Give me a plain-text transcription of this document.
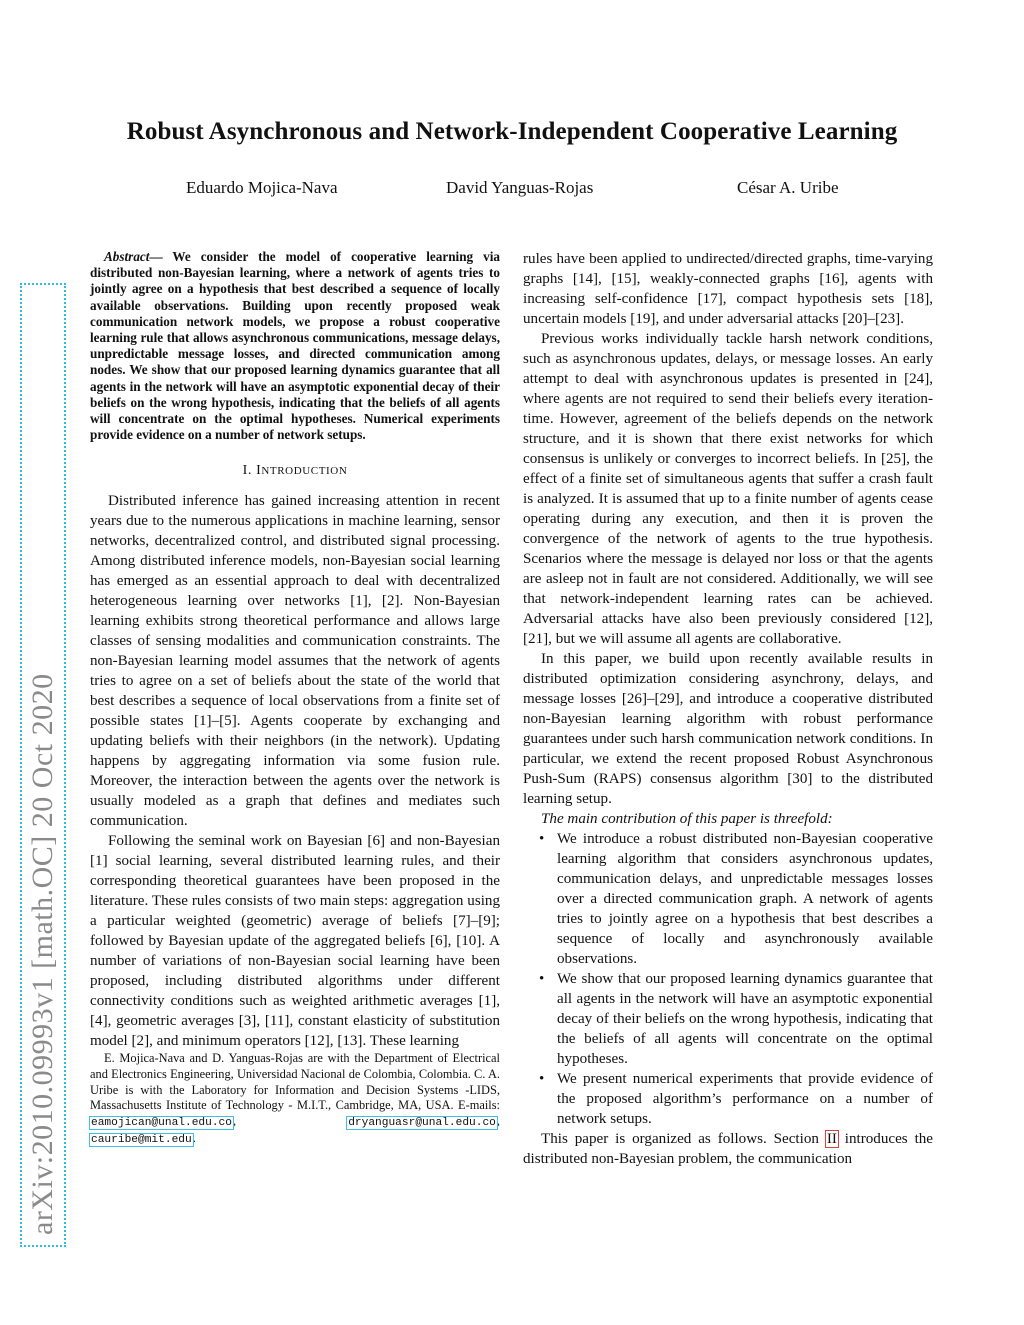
arXiv:2010.09993v1 [math.OC] 20 Oct 2020
Robust Asynchronous and Network-Independent Cooperative Learning
Eduardo Mojica-Nava	David Yanguas-Rojas	César A. Uribe

Abstract— We consider the model of cooperative learning via distributed non-Bayesian learning, where a network of agents tries to jointly agree on a hypothesis that best described a sequence of locally available observations. Building upon recently proposed weak communication network models, we propose a robust cooperative learning rule that allows asynchronous communications, message delays, unpredictable message losses, and directed communication among nodes. We show that our proposed learning dynamics guarantee that all agents in the network will have an asymptotic exponential decay of their beliefs on the wrong hypothesis, indicating that the beliefs of all agents will concentrate on the optimal hypotheses. Numerical experiments provide evidence on a number of network setups.

I. INTRODUCTION

Distributed inference has gained increasing attention in recent years due to the numerous applications in machine learning, sensor networks, decentralized control, and distributed signal processing. Among distributed inference models, non-Bayesian social learning has emerged as an essential approach to deal with decentralized heterogeneous learning over networks [1], [2]. Non-Bayesian learning exhibits strong theoretical performance and allows large classes of sensing modalities and communication constraints. The non-Bayesian learning model assumes that the network of agents tries to agree on a set of beliefs about the state of the world that best describes a sequence of local observations from a finite set of possible states [1]–[5]. Agents cooperate by exchanging and updating beliefs with their neighbors (in the network). Updating happens by aggregating information via some fusion rule. Moreover, the interaction between the agents over the network is usually modeled as a graph that defines and mediates such communication.

Following the seminal work on Bayesian [6] and non-Bayesian [1] social learning, several distributed learning rules, and their corresponding theoretical guarantees have been proposed in the literature. These rules consists of two main steps: aggregation using a particular weighted (geometric) average of beliefs [7]–[9]; followed by Bayesian update of the aggregated beliefs [6], [10]. A number of variations of non-Bayesian social learning have been proposed, including distributed algorithms under different connectivity conditions such as weighted arithmetic averages [1], [4], geometric averages [3], [11], constant elasticity of substitution model [2], and minimum operators [12], [13]. These learning

E. Mojica-Nava and D. Yanguas-Rojas are with the Department of Electrical and Electronics Engineering, Universidad Nacional de Colombia, Colombia. C. A. Uribe is with the Laboratory for Information and Decision Systems -LIDS, Massachusetts Institute of Technology - M.I.T., Cambridge, MA, USA. E-mails: eamojican@unal.edu.co,	dryanguasr@unal.edu.co, cauribe@mit.edu.

rules have been applied to undirected/directed graphs, time-varying graphs [14], [15], weakly-connected graphs [16], agents with increasing self-confidence [17], compact hypothesis sets [18], uncertain models [19], and under adversarial attacks [20]–[23].

Previous works individually tackle harsh network conditions, such as asynchronous updates, delays, or message losses. An early attempt to deal with asynchronous updates is presented in [24], where agents are not required to send their beliefs every iteration-time. However, agreement of the beliefs depends on the network structure, and it is shown that there exist networks for which consensus is unlikely or converges to incorrect beliefs. In [25], the effect of a finite set of simultaneous agents that suffer a crash fault is analyzed. It is assumed that up to a finite number of agents cease operating during any execution, and then it is proven the convergence of the network of agents to the true hypothesis. Scenarios where the message is delayed nor loss or that the agents are asleep not in fault are not considered. Additionally, we will see that network-independent learning rates can be achieved. Adversarial attacks have also been previously considered [12], [21], but we will assume all agents are collaborative.

In this paper, we build upon recently available results in distributed optimization considering asynchrony, delays, and message losses [26]–[29], and introduce a cooperative distributed non-Bayesian learning algorithm with robust performance guarantees under such harsh communication network conditions. In particular, we extend the recent proposed Robust Asynchronous Push-Sum (RAPS) consensus algorithm [30] to the distributed learning setup.

The main contribution of this paper is threefold:

• We introduce a robust distributed non-Bayesian cooperative learning algorithm that considers asynchronous updates, communication delays, and unpredictable messages losses over a directed communication graph. A network of agents tries to jointly agree on a hypothesis that best describes a sequence of locally and asynchronously available observations.
• We show that our proposed learning dynamics guarantee that all agents in the network will have an asymptotic exponential decay of their beliefs on the wrong hypothesis, indicating that the beliefs of all agents will concentrate on the optimal hypotheses.
• We present numerical experiments that provide evidence of the proposed algorithm’s performance on a number of network setups.

This paper is organized as follows. Section II introduces the distributed non-Bayesian problem, the communication
